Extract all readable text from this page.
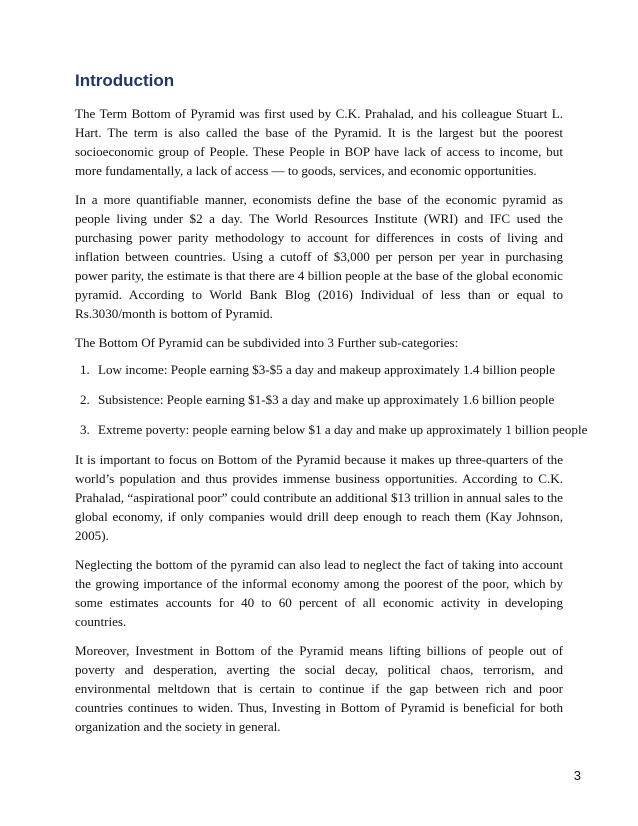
Introduction

The Term Bottom of Pyramid was first used by C.K. Prahalad, and his colleague Stuart L. Hart. The term is also called the base of the Pyramid. It is the largest but the poorest socioeconomic group of People. These People in BOP have lack of access to income, but more fundamentally, a lack of access — to goods, services, and economic opportunities.

In a more quantifiable manner, economists define the base of the economic pyramid as people living under $2 a day. The World Resources Institute (WRI) and IFC used the purchasing power parity methodology to account for differences in costs of living and inflation between countries. Using a cutoff of $3,000 per person per year in purchasing power parity, the estimate is that there are 4 billion people at the base of the global economic pyramid. According to World Bank Blog (2016) Individual of less than or equal to Rs.3030/month is bottom of Pyramid.

The Bottom Of Pyramid can be subdivided into 3 Further sub-categories:

1. Low income: People earning $3-$5 a day and makeup approximately 1.4 billion people
2. Subsistence: People earning $1-$3 a day and make up approximately 1.6 billion people
3. Extreme poverty: people earning below $1 a day and make up approximately 1 billion people

It is important to focus on Bottom of the Pyramid because it makes up three-quarters of the world’s population and thus provides immense business opportunities. According to C.K. Prahalad, “aspirational poor” could contribute an additional $13 trillion in annual sales to the global economy, if only companies would drill deep enough to reach them (Kay Johnson, 2005).

Neglecting the bottom of the pyramid can also lead to neglect the fact of taking into account the growing importance of the informal economy among the poorest of the poor, which by some estimates accounts for 40 to 60 percent of all economic activity in developing countries.

Moreover, Investment in Bottom of the Pyramid means lifting billions of people out of poverty and desperation, averting the social decay, political chaos, terrorism, and environmental meltdown that is certain to continue if the gap between rich and poor countries continues to widen. Thus, Investing in Bottom of Pyramid is beneficial for both organization and the society in general.

3
